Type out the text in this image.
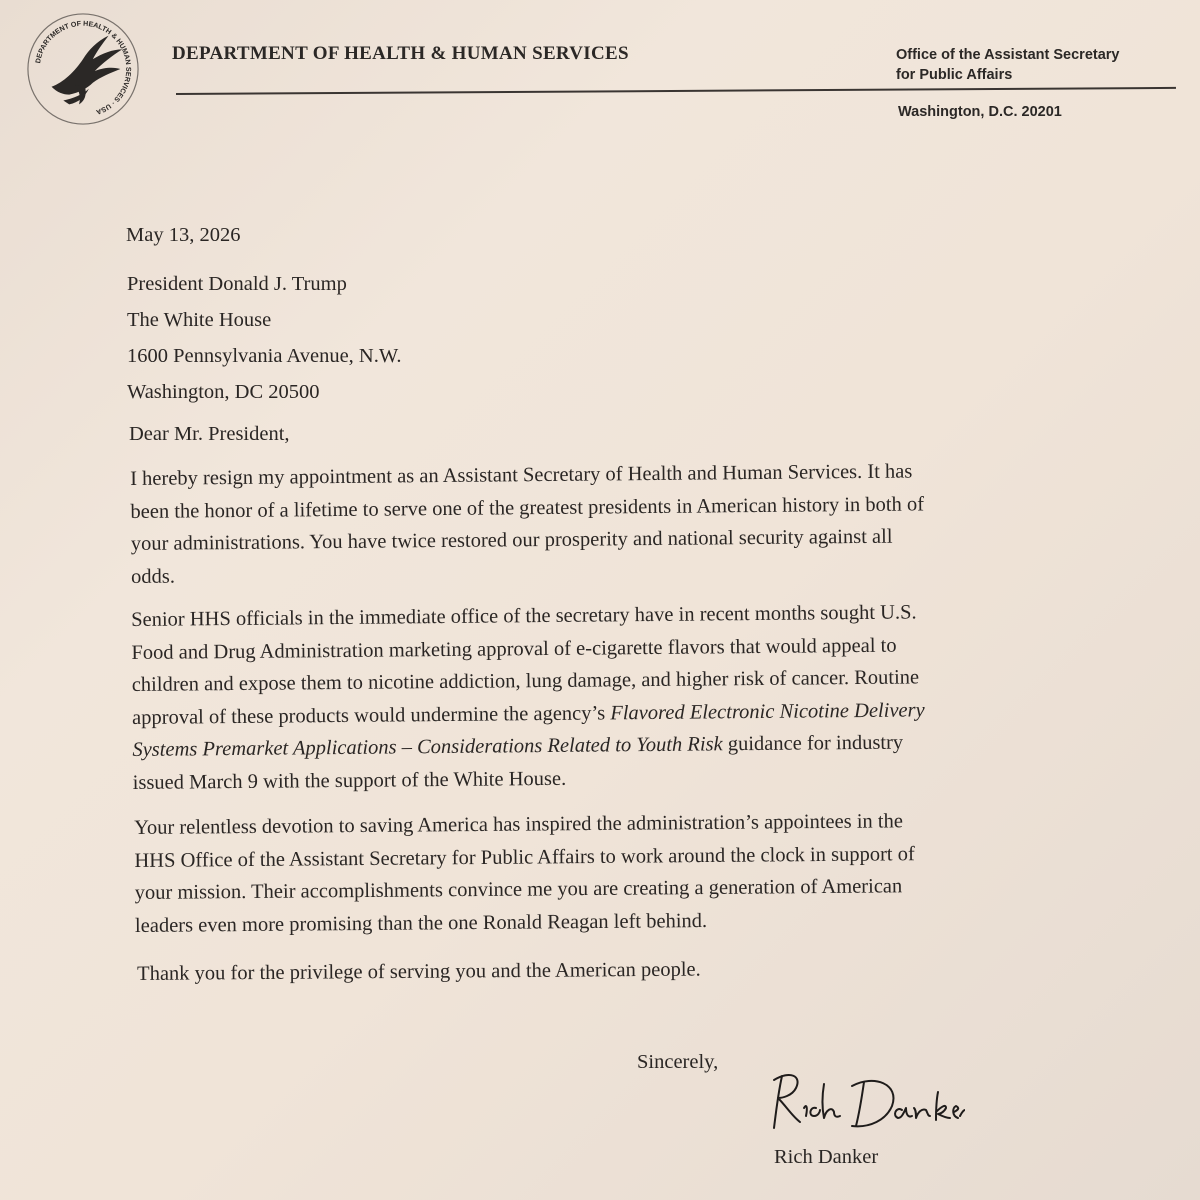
DEPARTMENT OF HEALTH & HUMAN SERVICES · USA
DEPARTMENT OF HEALTH & HUMAN SERVICES	Office of the Assistant Secretary
for Public Affairs
Washington, D.C. 20201
May 13, 2026
President Donald J. Trump
The White House
1600 Pennsylvania Avenue, N.W.
Washington, DC 20500
Dear Mr. President,
I hereby resign my appointment as an Assistant Secretary of Health and Human Services. It has
been the honor of a lifetime to serve one of the greatest presidents in American history in both of
your administrations. You have twice restored our prosperity and national security against all
odds.
Senior HHS officials in the immediate office of the secretary have in recent months sought U.S.
Food and Drug Administration marketing approval of e-cigarette flavors that would appeal to
children and expose them to nicotine addiction, lung damage, and higher risk of cancer. Routine
approval of these products would undermine the agency’s Flavored Electronic Nicotine Delivery
Systems Premarket Applications – Considerations Related to Youth Risk guidance for industry
issued March 9 with the support of the White House.
Your relentless devotion to saving America has inspired the administration’s appointees in the
HHS Office of the Assistant Secretary for Public Affairs to work around the clock in support of
your mission. Their accomplishments convince me you are creating a generation of American
leaders even more promising than the one Ronald Reagan left behind.
Thank you for the privilege of serving you and the American people.
Sincerely,
Rich Danker
